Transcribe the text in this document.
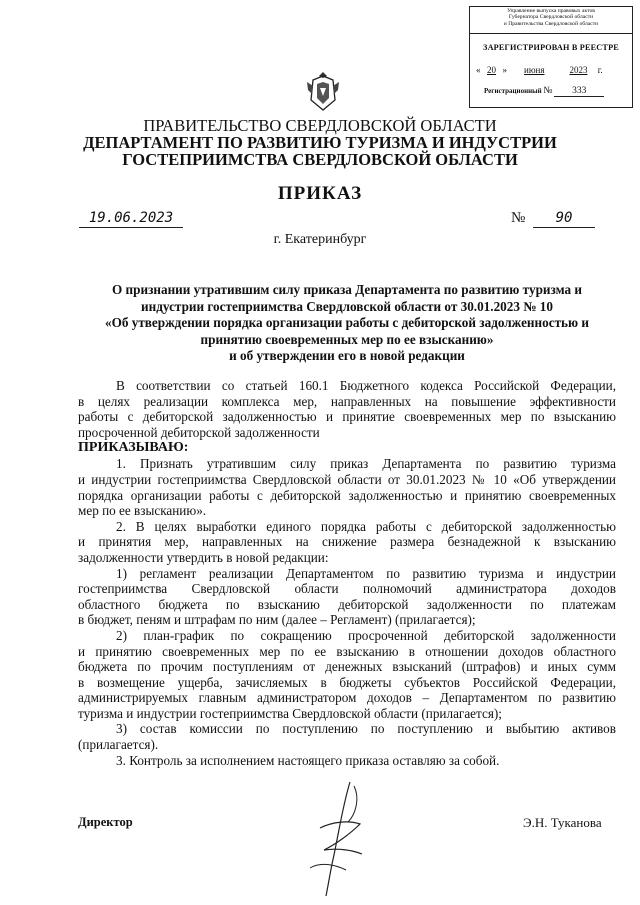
Управление выпуска правовых актов
Губернатора Свердловской области
и Правительства Свердловской области
ЗАРЕГИСТРИРОВАН В РЕЕСТРЕ
« 20 » июня	2023 г.
Регистрационный № 333
ПРАВИТЕЛЬСТВО СВЕРДЛОВСКОЙ ОБЛАСТИ
ДЕПАРТАМЕНТ ПО РАЗВИТИЮ ТУРИЗМА И ИНДУСТРИИ
ГОСТЕПРИИМСТВА СВЕРДЛОВСКОЙ ОБЛАСТИ
ПРИКАЗ
19.06.2023	№	90
г. Екатеринбург
О признании утратившим силу приказа Департамента по развитию туризма и
индустрии гостеприимства Свердловской области от 30.01.2023 № 10
«Об утверждении порядка организации работы с дебиторской задолженностью и
принятию своевременных мер по ее взысканию»
и об утверждении его в новой редакции
В соответствии со статьей 160.1 Бюджетного кодекса Российской Федерации,
в целях реализации комплекса мер, направленных на повышение эффективности
работы с дебиторской задолженностью и принятие своевременных мер по взысканию
просроченной дебиторской задолженности
ПРИКАЗЫВАЮ:
1. Признать утратившим силу приказ Департамента по развитию туризма
и индустрии гостеприимства Свердловской области от 30.01.2023 № 10 «Об утверждении
порядка организации работы с дебиторской задолженностью и принятию своевременных
мер по ее взысканию».
2. В целях выработки единого порядка работы с дебиторской задолженностью
и принятия мер, направленных на снижение размера безнадежной к взысканию
задолженности утвердить в новой редакции:
1) регламент реализации Департаментом по развитию туризма и индустрии
гостеприимства Свердловской области полномочий администратора доходов
областного бюджета по взысканию дебиторской задолженности по платежам
в бюджет, пеням и штрафам по ним (далее – Регламент) (прилагается);
2) план-график по сокращению просроченной дебиторской задолженности
и принятию своевременных мер по ее взысканию в отношении доходов областного
бюджета по прочим поступлениям от денежных взысканий (штрафов) и иных сумм
в возмещение ущерба, зачисляемых в бюджеты субъектов Российской Федерации,
администрируемых главным администратором доходов – Департаментом по развитию
туризма и индустрии гостеприимства Свердловской области (прилагается);
3) состав комиссии по поступлению по поступлению и выбытию активов
(прилагается).
3. Контроль за исполнением настоящего приказа оставляю за собой.
Директор	Э.Н. Туканова
